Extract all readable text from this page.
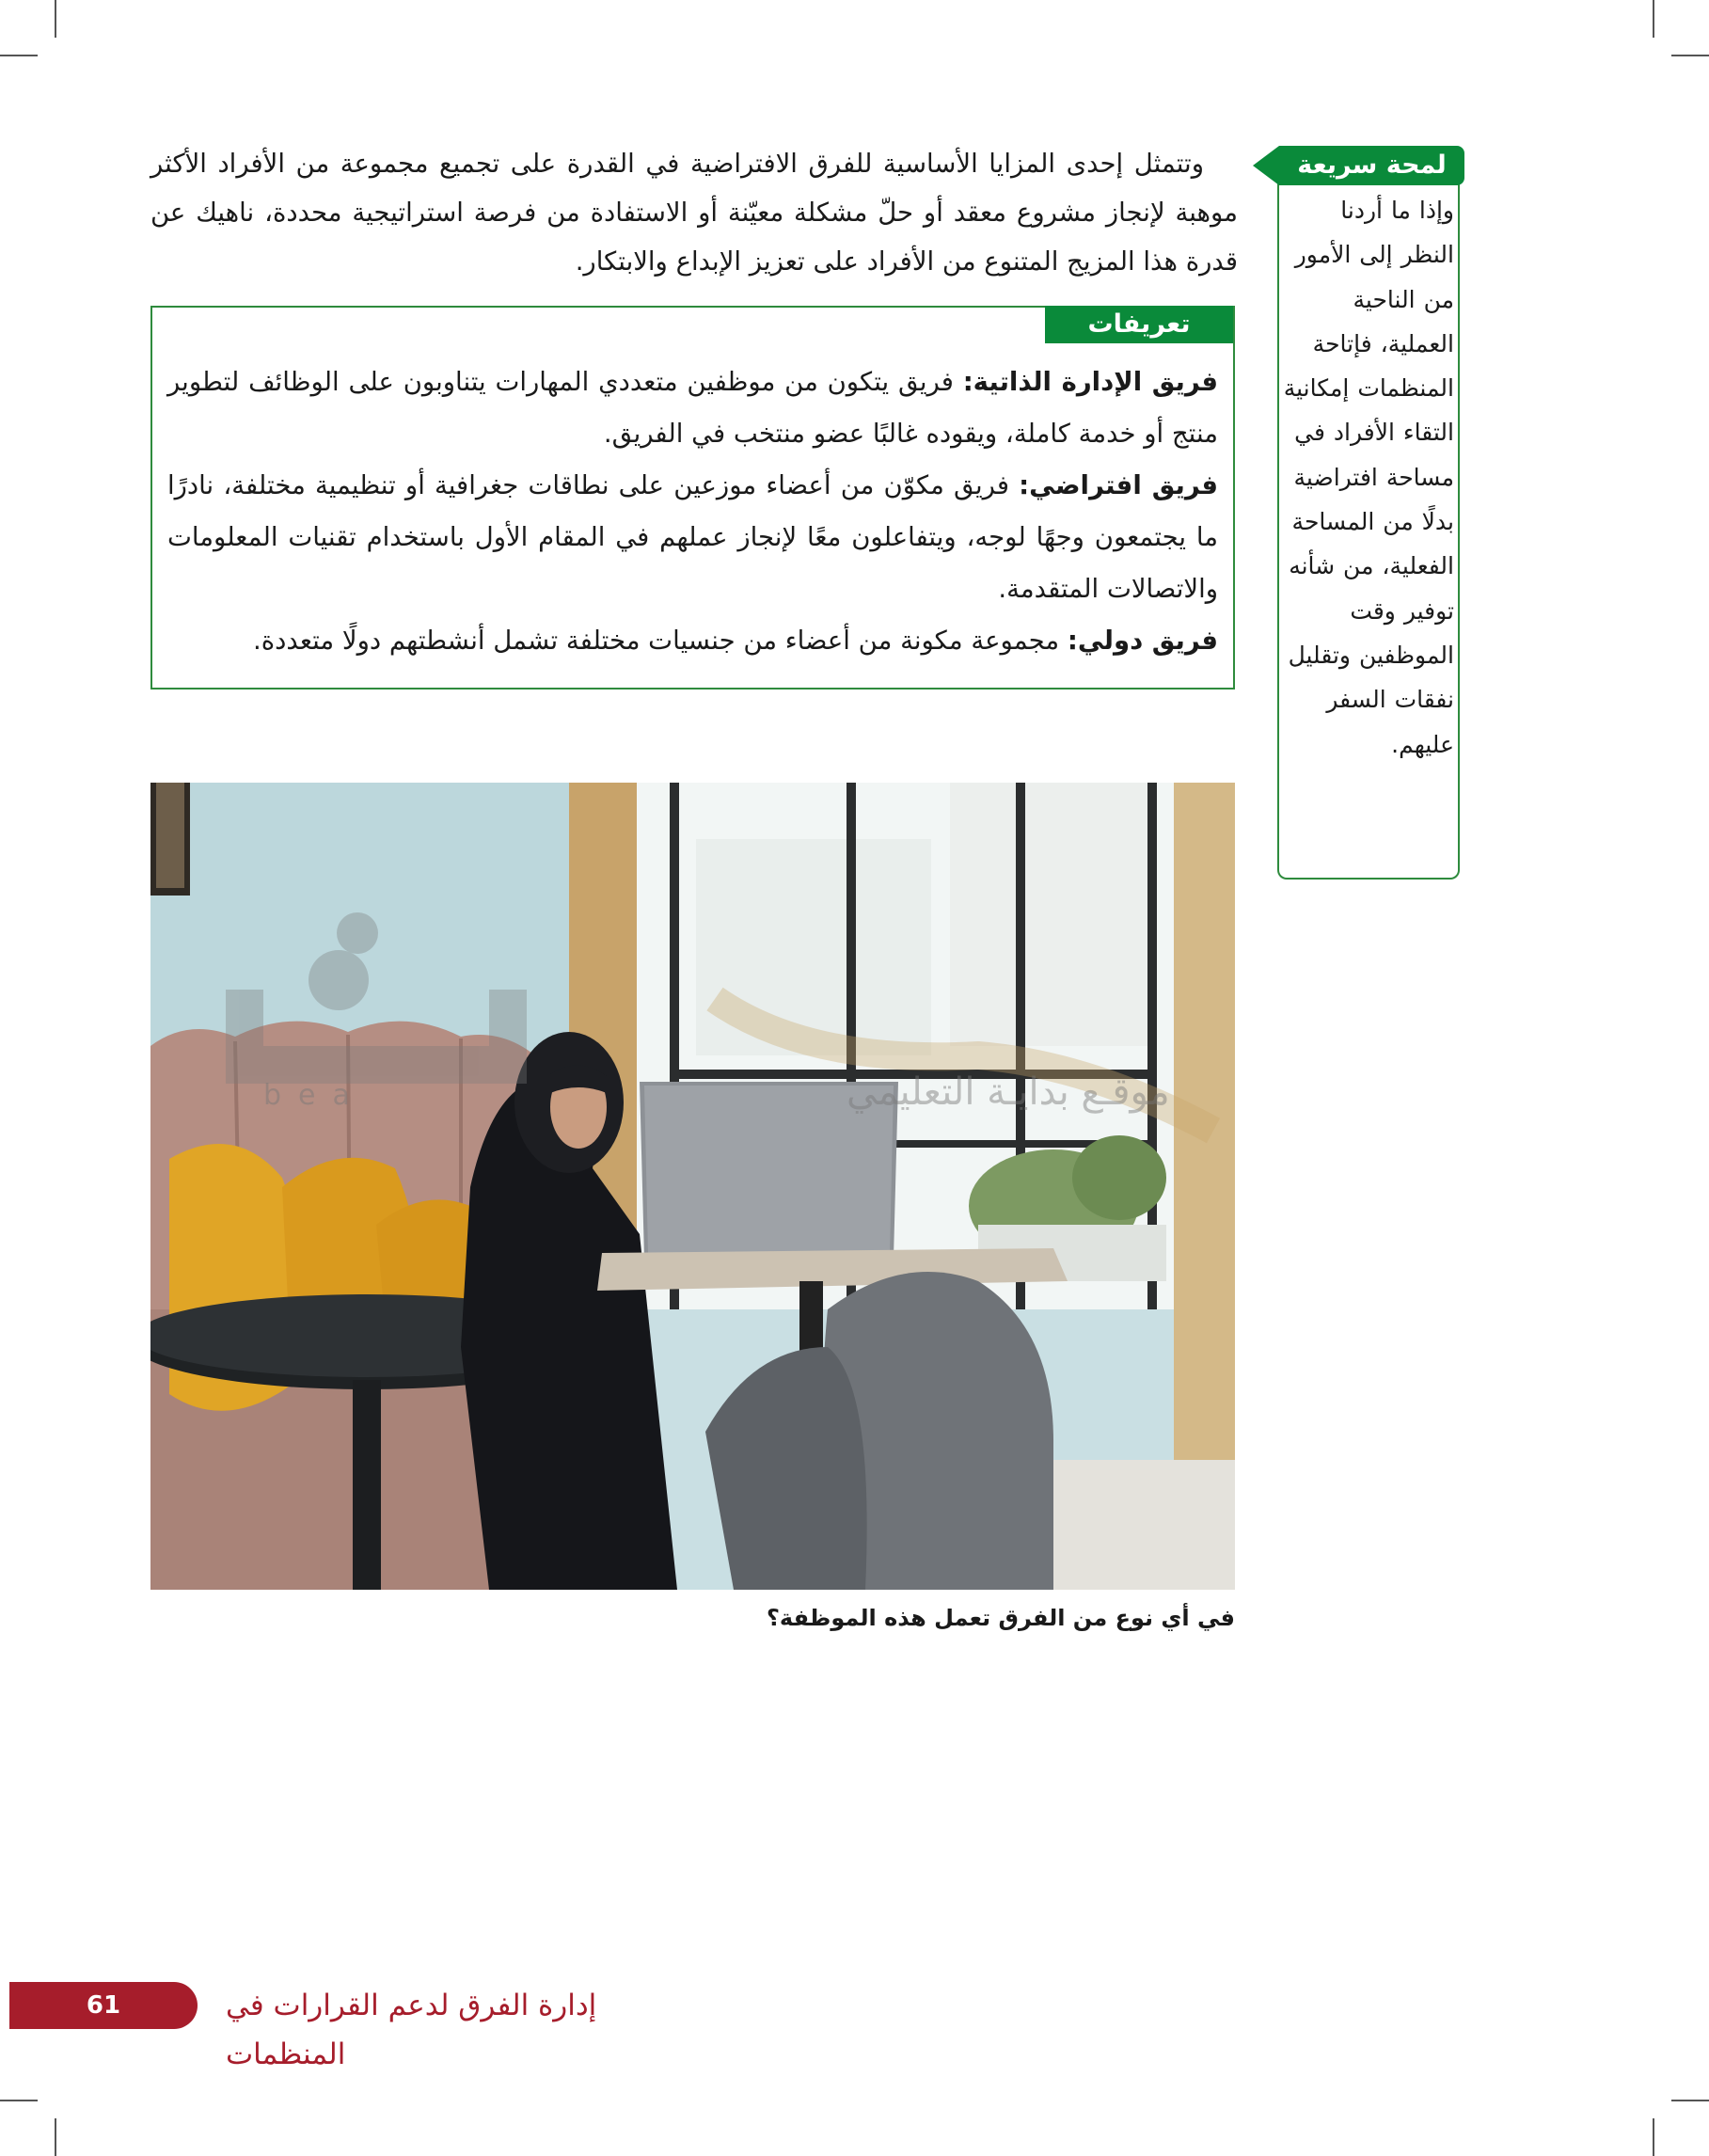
وتتمثل إحدى المزايا الأساسية للفرق الافتراضية في القدرة على تجميع مجموعة من الأفراد الأكثر موهبة لإنجاز مشروع معقد أو حلّ مشكلة معيّنة أو الاستفادة من فرصة استراتيجية محددة، ناهيك عن قدرة هذا المزيج المتنوع من الأفراد على تعزيز الإبداع والابتكار.

تعريفات

فريق الإدارة الذاتية: فريق يتكون من موظفين متعددي المهارات يتناوبون على الوظائف لتطوير منتج أو خدمة كاملة، ويقوده غالبًا عضو منتخب في الفريق.

فريق افتراضي: فريق مكوّن من أعضاء موزعين على نطاقات جغرافية أو تنظيمية مختلفة، نادرًا ما يجتمعون وجهًا لوجه، ويتفاعلون معًا لإنجاز عملهم في المقام الأول باستخدام تقنيات المعلومات والاتصالات المتقدمة.

فريق دولي: مجموعة مكونة من أعضاء من جنسيات مختلفة تشمل أنشطتهم دولًا متعددة.

لمحة سريعة
وإذا ما أردنا النظر إلى الأمور من الناحية العملية، فإتاحة المنظمات إمكانية التقاء الأفراد في مساحة افتراضية بدلًا من المساحة الفعلية، من شأنه توفير وقت الموظفين وتقليل نفقات السفر عليهم.
bea	موقـع بدايـة التعليمي
في أي نوع من الفرق تعمل هذه الموظفة؟
61	إدارة الفرق لدعم القرارات في المنظمات
